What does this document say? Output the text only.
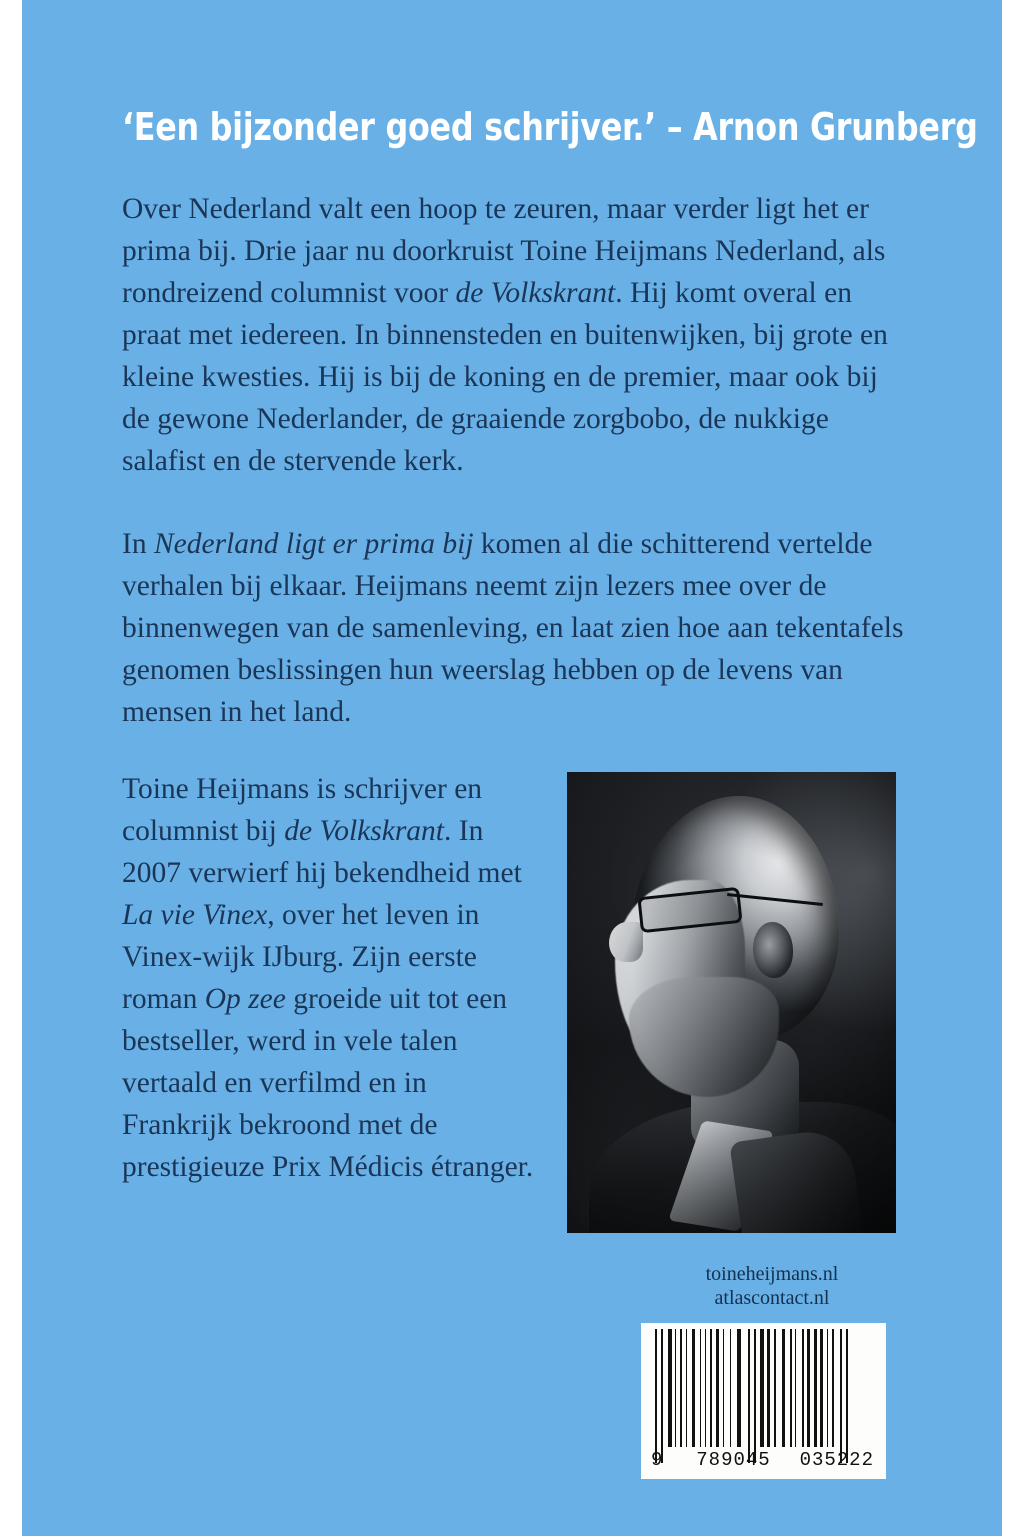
‘Een bijzonder goed schrijver.’ – Arnon Grunberg
Over Nederland valt een hoop te zeuren, maar verder ligt het er prima bij. Drie jaar nu doorkruist Toine Heijmans Nederland, als rondreizend columnist voor de Volkskrant. Hij komt overal en praat met iedereen. In binnensteden en buitenwijken, bij grote en kleine kwesties. Hij is bij de koning en de premier, maar ook bij de gewone Nederlander, de graaiende zorgbobo, de nukkige salafist en de stervende kerk.
In Nederland ligt er prima bij komen al die schitterend vertelde verhalen bij elkaar. Heijmans neemt zijn lezers mee over de binnenwegen van de samenleving, en laat zien hoe aan tekentafels genomen beslissingen hun weerslag hebben op de levens van mensen in het land.
Toine Heijmans is schrijver en columnist bij de Volkskrant. In 2007 verwierf hij bekendheid met La vie Vinex, over het leven in Vinex-wijk IJburg. Zijn eerste roman Op zee groeide uit tot een bestseller, werd in vele talen vertaald en verfilmd en in Frankrijk bekroond met de prestigieuze Prix Médicis étranger.
toineheijmans.nl
atlascontact.nl
9 789045 035222
